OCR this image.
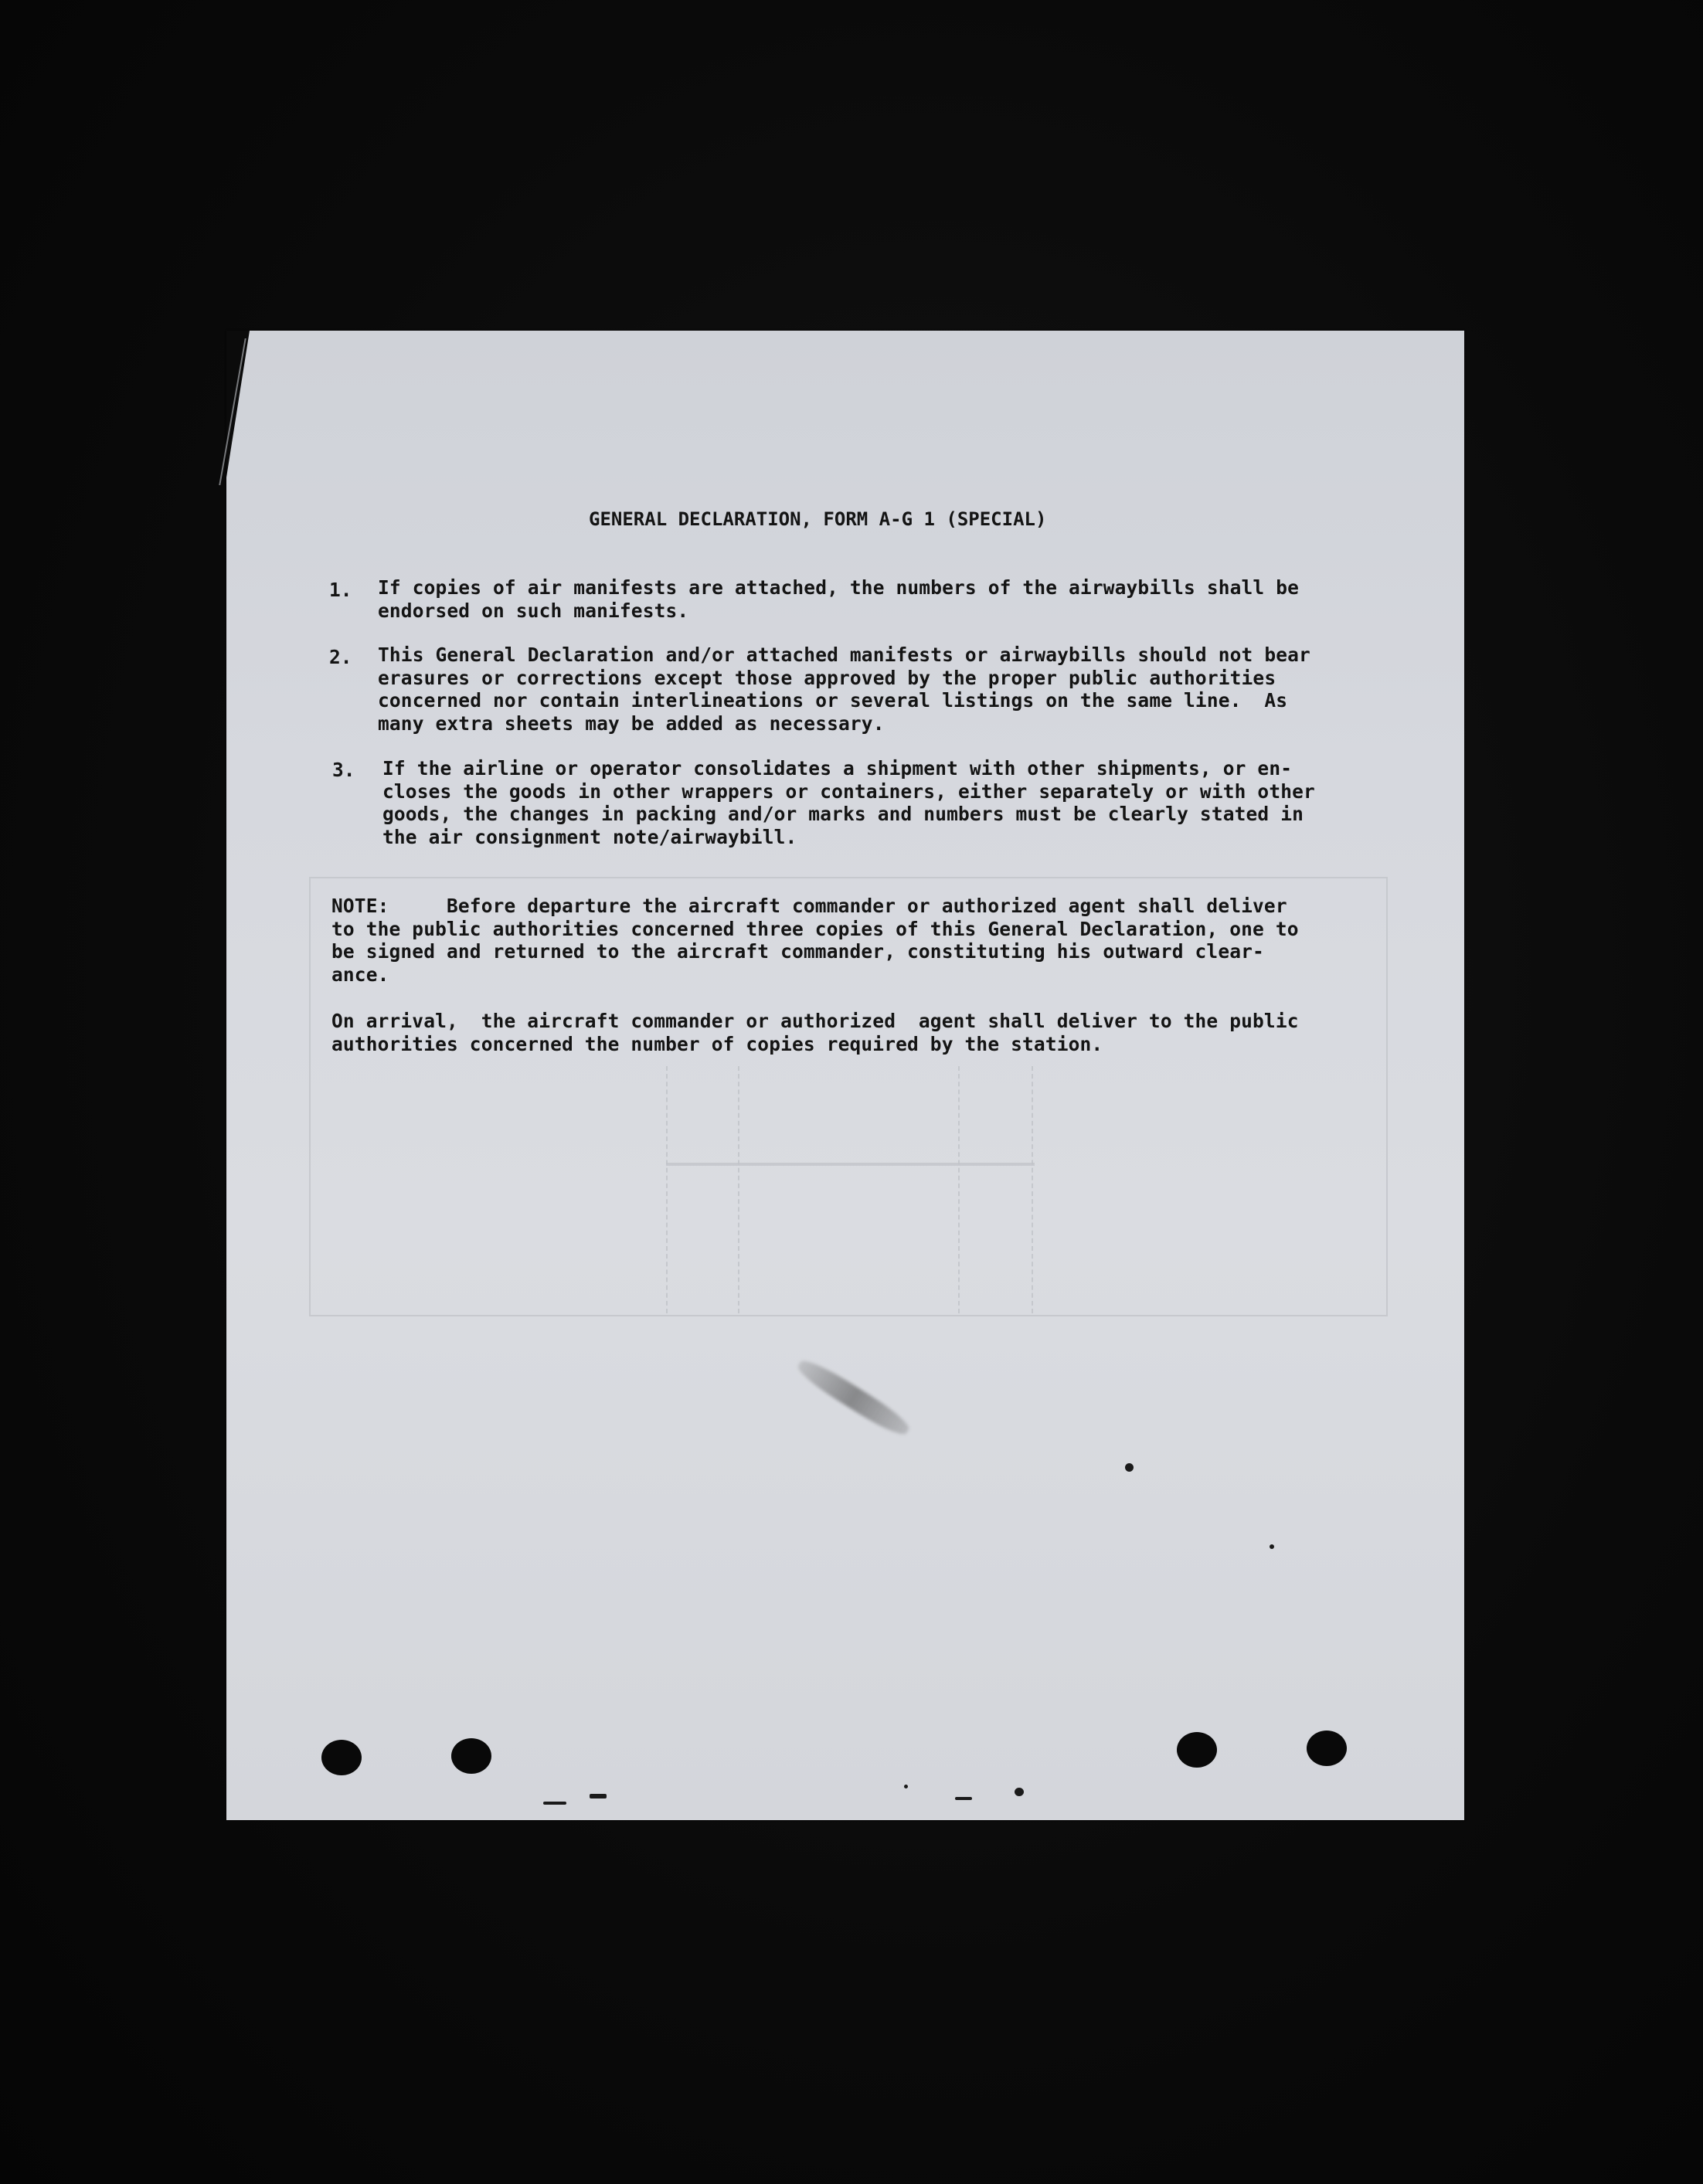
GENERAL DECLARATION, FORM A-G 1 (SPECIAL)
1. If copies of air manifests are attached, the numbers of the airwaybills shall be
endorsed on such manifests.
2. This General Declaration and/or attached manifests or airwaybills should not bear
erasures or corrections except those approved by the proper public authorities
concerned nor contain interlineations or several listings on the same line.  As
many extra sheets may be added as necessary.
3. If the airline or operator consolidates a shipment with other shipments, or en-
closes the goods in other wrappers or containers, either separately or with other
goods, the changes in packing and/or marks and numbers must be clearly stated in
the air consignment note/airwaybill.
NOTE:     Before departure the aircraft commander or authorized agent shall deliver
to the public authorities concerned three copies of this General Declaration, one to
be signed and returned to the aircraft commander, constituting his outward clear-
ance.
On arrival,  the aircraft commander or authorized  agent shall deliver to the public
authorities concerned the number of copies required by the station.
